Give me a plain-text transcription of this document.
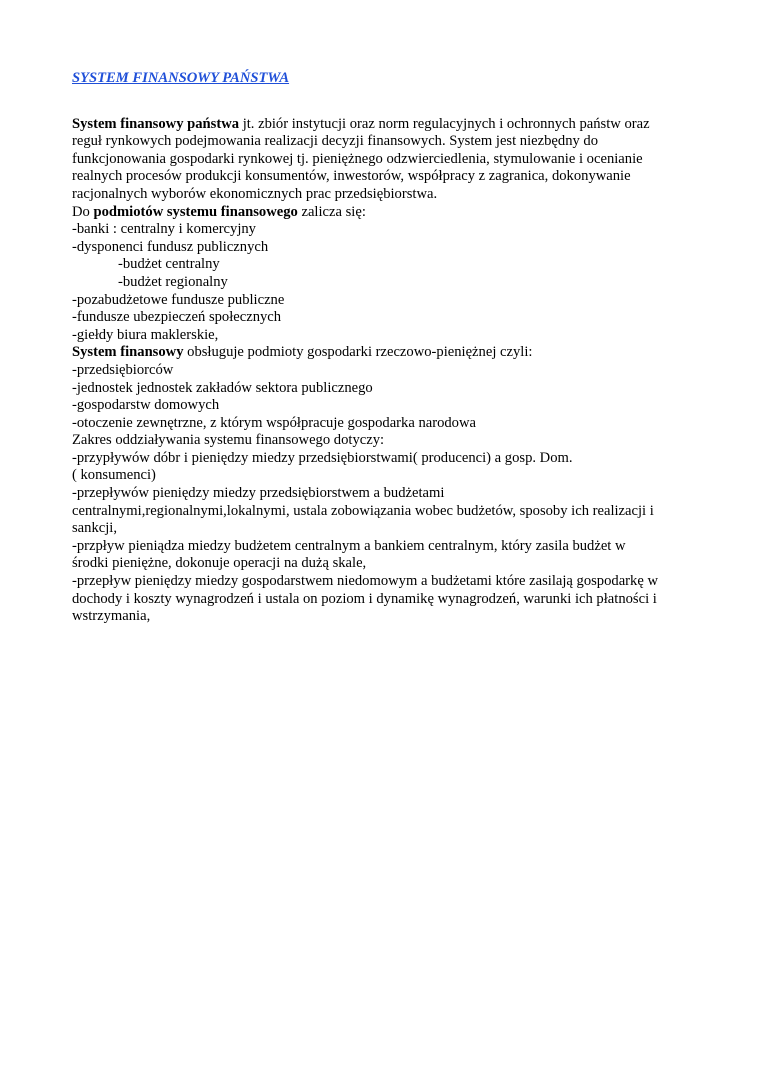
SYSTEM FINANSOWY PAŃSTWA
System finansowy państwa jt. zbiór instytucji oraz norm regulacyjnych i ochronnych państw oraz
reguł rynkowych podejmowania realizacji decyzji finansowych. System jest niezbędny do
funkcjonowania gospodarki rynkowej tj. pieniężnego odzwierciedlenia, stymulowanie i ocenianie
realnych procesów produkcji konsumentów, inwestorów, współpracy z zagranica, dokonywanie
racjonalnych wyborów ekonomicznych prac przedsiębiorstwa.
Do podmiotów systemu finansowego zalicza się:
-banki : centralny i komercyjny
-dysponenci fundusz publicznych
-budżet centralny
-budżet regionalny
-pozabudżetowe fundusze publiczne
-fundusze ubezpieczeń społecznych
-giełdy biura maklerskie,
System finansowy obsługuje podmioty gospodarki rzeczowo-pieniężnej czyli:
-przedsiębiorców
-jednostek jednostek zakładów sektora publicznego
-gospodarstw domowych
-otoczenie zewnętrzne, z którym współpracuje gospodarka narodowa
Zakres oddziaływania systemu finansowego dotyczy:
-przypływów dóbr i pieniędzy miedzy przedsiębiorstwami( producenci) a gosp. Dom.
( konsumenci)
-przepływów pieniędzy miedzy przedsiębiorstwem a budżetami
centralnymi,regionalnymi,lokalnymi, ustala zobowiązania wobec budżetów, sposoby ich realizacji i
sankcji,
-przpływ pieniądza miedzy budżetem centralnym a bankiem centralnym, który zasila budżet w
środki pieniężne, dokonuje operacji na dużą skale,
-przepływ pieniędzy miedzy gospodarstwem niedomowym a budżetami które zasilają gospodarkę w
dochody i koszty wynagrodzeń i ustala on poziom i dynamikę wynagrodzeń, warunki ich płatności i
wstrzymania,
